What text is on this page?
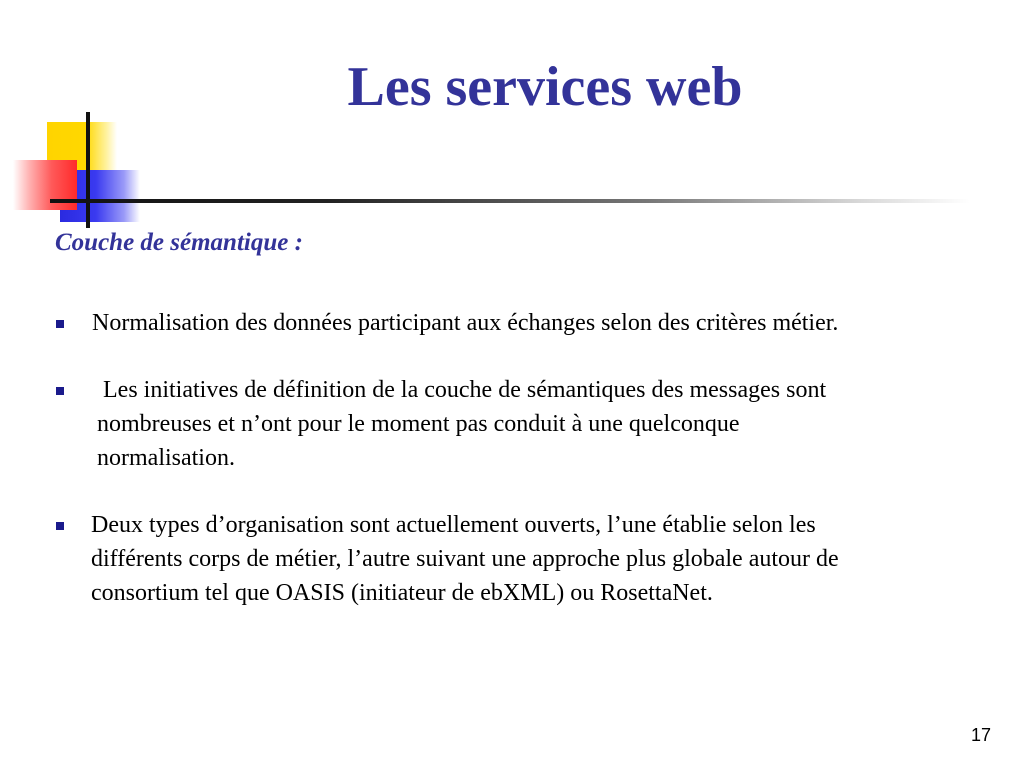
Les services web
Couche de sémantique :
Normalisation des données participant aux échanges selon des critères métier.
Les initiatives de définition de la couche de sémantiques des messages sont
nombreuses et n’ont pour le moment pas conduit à une quelconque
normalisation.
Deux types d’organisation sont actuellement ouverts, l’une établie selon les
différents corps de métier, l’autre suivant une approche plus globale autour de
consortium tel que OASIS (initiateur de ebXML) ou RosettaNet.
17
